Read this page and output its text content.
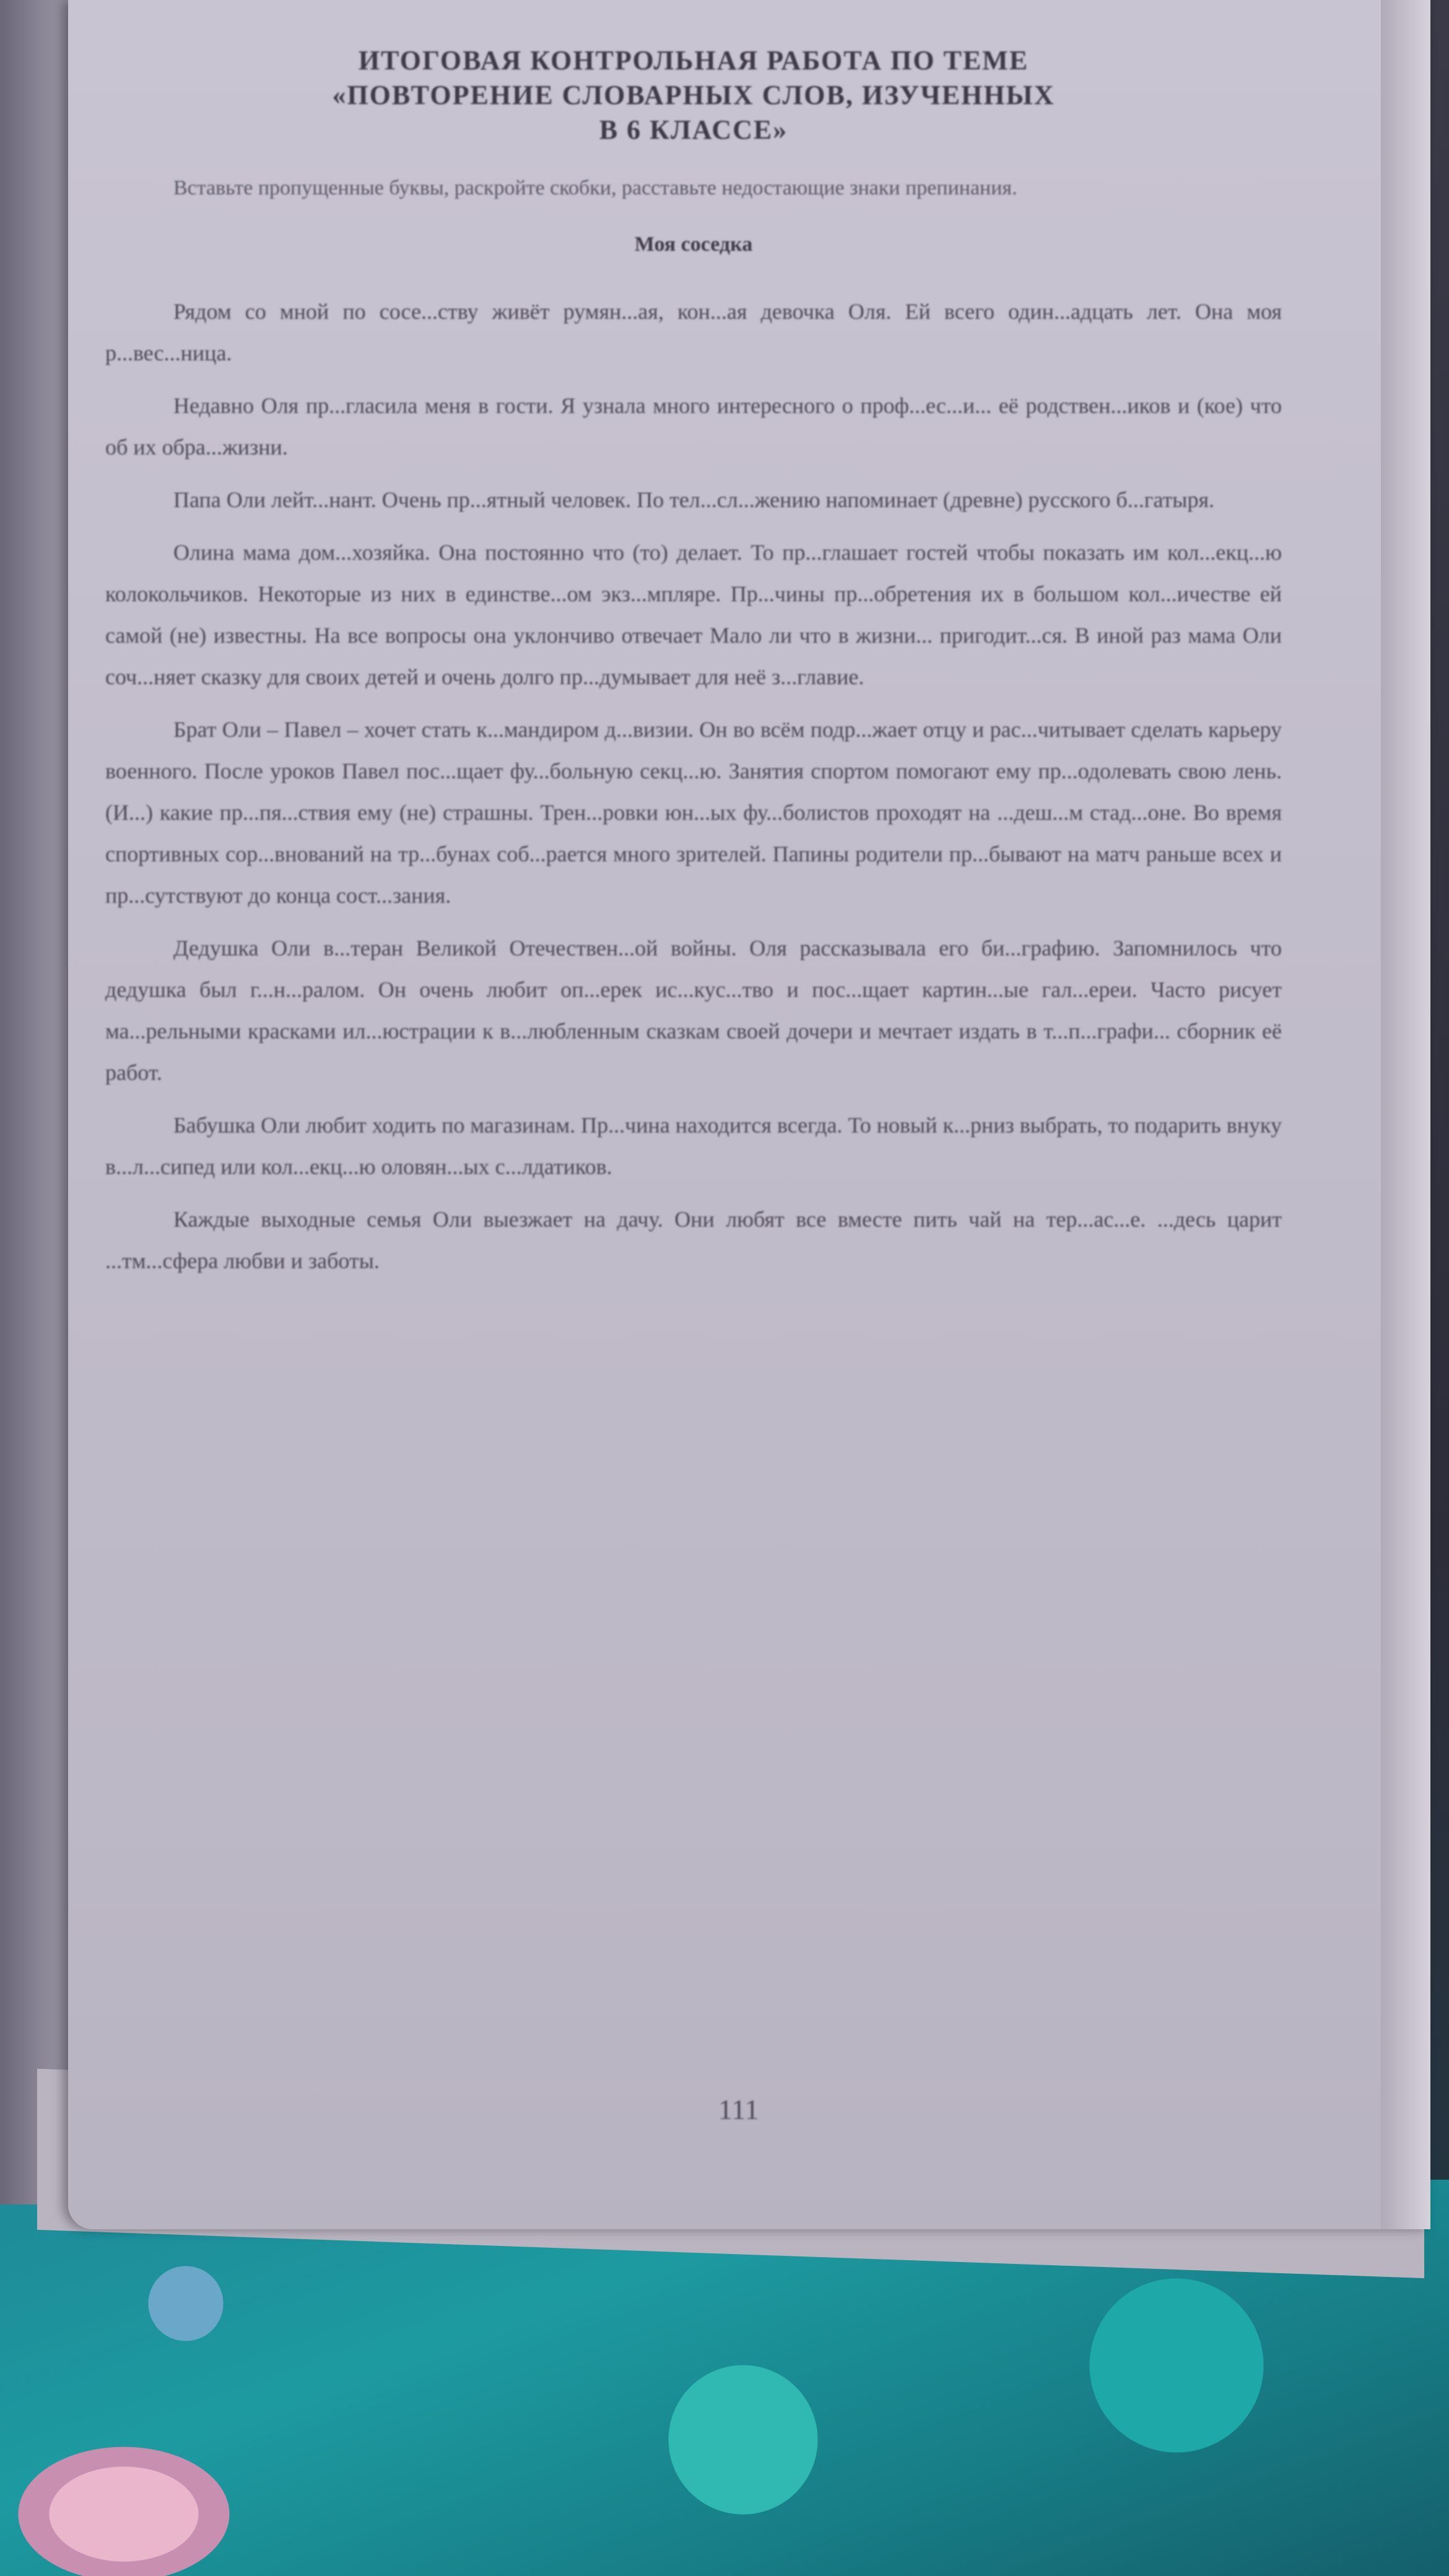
ИТОГОВАЯ КОНТРОЛЬНАЯ РАБОТА ПО ТЕМЕ
«ПОВТОРЕНИЕ СЛОВАРНЫХ СЛОВ, ИЗУЧЕННЫХ
В 6 КЛАССЕ»

Вставьте пропущенные буквы, раскройте скобки, расставьте недостающие знаки препинания.

Моя соседка

Рядом со мной по сосе...ству живёт румян...ая, кон...ая девочка Оля. Ей всего один...адцать лет. Она моя р...вес...ница.

Недавно Оля пр...гласила меня в гости. Я узнала много интересного о проф...ес...и... её родствен...иков и (кое) что об их обра...жизни.

Папа Оли лейт...нант. Очень пр...ятный человек. По тел...сл...жению напоминает (древне) русского б...гатыря.

Олина мама дом...хозяйка. Она постоянно что (то) делает. То пр...глашает гостей чтобы показать им кол...екц...ю колокольчиков. Некоторые из них в единстве...ом экз...мпляре. Пр...чины пр...обретения их в большом кол...ичестве ей самой (не) известны. На все вопросы она уклончиво отвечает Мало ли что в жизни... пригодит...ся. В иной раз мама Оли соч...няет сказку для своих детей и очень долго пр...думывает для неё з...главие.

Брат Оли – Павел – хочет стать к...мандиром д...визии. Он во всём подр...жает отцу и рас...читывает сделать карьеру военного. После уроков Павел пос...щает фу...больную секц...ю. Занятия спортом помогают ему пр...одолевать свою лень. (И...) какие пр...пя...ствия ему (не) страшны. Трен...ровки юн...ых фу...болистов проходят на ...деш...м стад...оне. Во время спортивных сор...внований на тр...бунах соб...рается много зрителей. Папины родители пр...бывают на матч раньше всех и пр...сутствуют до конца сост...зания.

Дедушка Оли в...теран Великой Отечествен...ой войны. Оля рассказывала его би...графию. Запомнилось что дедушка был г...н...ралом. Он очень любит оп...ерек ис...кус...тво и пос...щает картин...ые гал...ереи. Часто рисует ма...рельными красками ил...юстрации к в...любленным сказкам своей дочери и мечтает издать в т...п...графи... сборник её работ.

Бабушка Оли любит ходить по магазинам. Пр...чина находится всегда. То новый к...рниз выбрать, то подарить внуку в...л...сипед или кол...екц...ю оловян...ых с...лдатиков.

Каждые выходные семья Оли выезжает на дачу. Они любят все вместе пить чай на тер...ас...е. ...десь царит ...тм...сфера любви и заботы.

111
